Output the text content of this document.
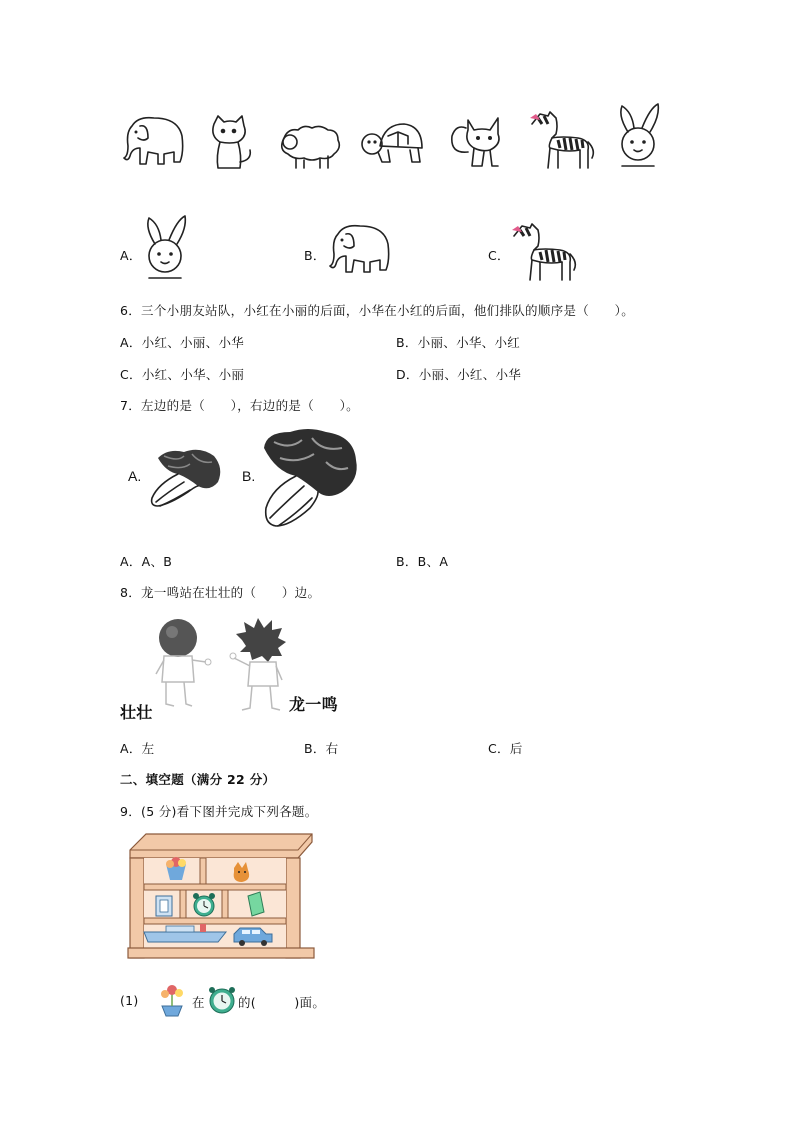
A．	B．	C．
6．三个小朋友站队，小红在小丽的后面，小华在小红的后面，他们排队的顺序是（　　）。
A．小红、小丽、小华	B．小丽、小华、小红
C．小红、小华、小丽	D．小丽、小红、小华
7．左边的是（　　），右边的是（　　）。
A.	B.
A．A、B	B．B、A
8．龙一鸣站在壮壮的（　　）边。
壮壮	龙一鸣
A．左	B．右	C．后
二、填空题（满分 22 分）
9．(5 分)看下图并完成下列各题。
(1)	在	的(　　　)面。
